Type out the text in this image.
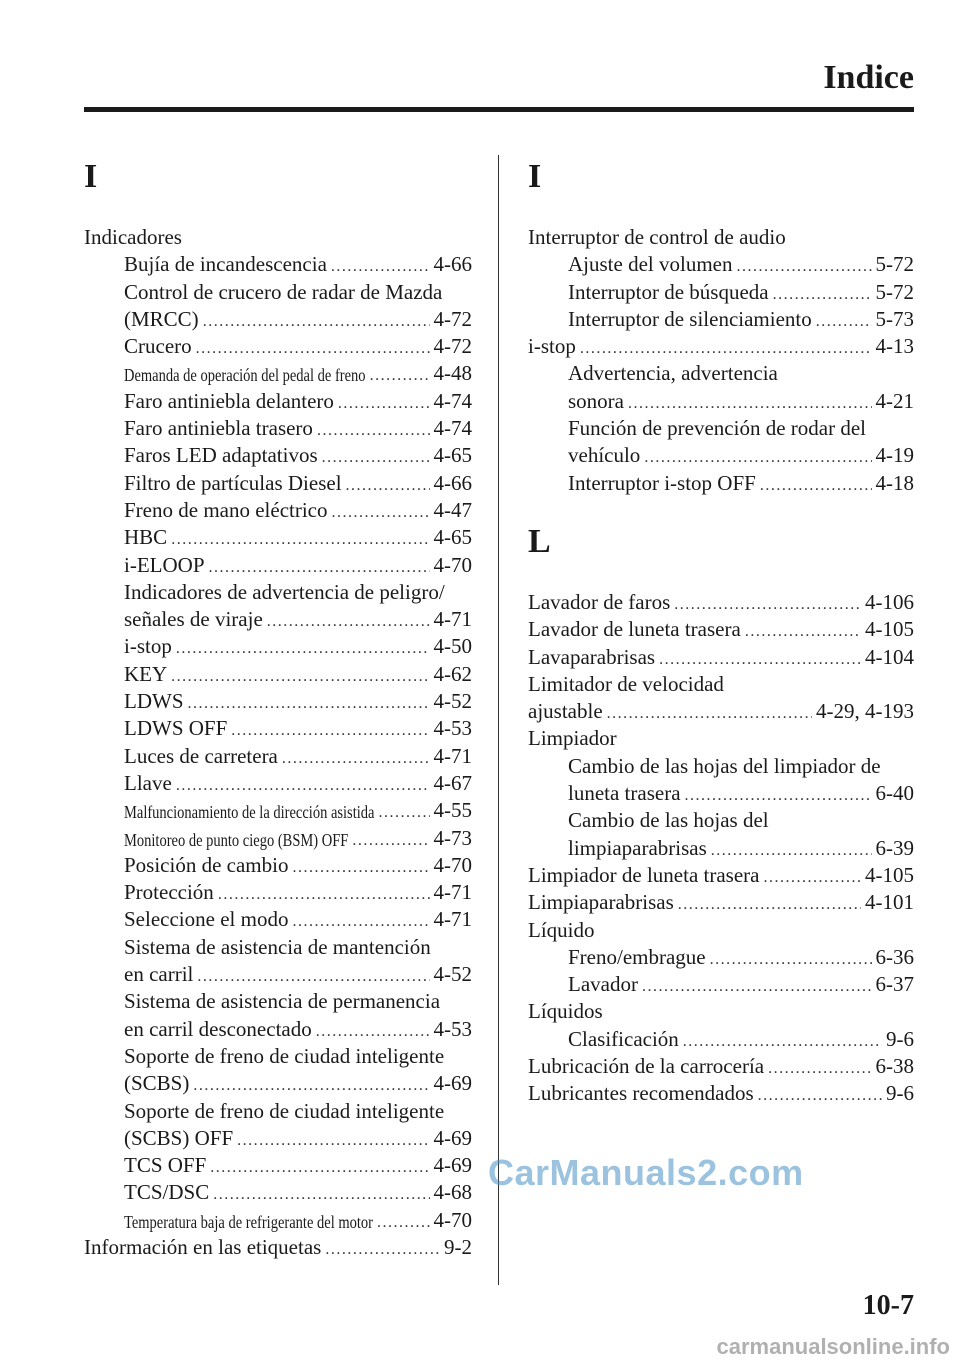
Indice
I
Indicadores
Bujía de incandescencia .....	4-66
Control de crucero de radar de Mazda
(MRCC) .....	4-72
Crucero .....	4-72
Demanda de operación del pedal de freno .....	4-48
Faro antiniebla delantero .....	4-74
Faro antiniebla trasero .....	4-74
Faros LED adaptativos .....	4-65
Filtro de partículas Diesel .....	4-66
Freno de mano eléctrico .....	4-47
HBC .....	4-65
i-ELOOP .....	4-70
Indicadores de advertencia de peligro/
señales de viraje .....	4-71
i-stop .....	4-50
KEY .....	4-62
LDWS .....	4-52
LDWS OFF .....	4-53
Luces de carretera .....	4-71
Llave .....	4-67
Malfuncionamiento de la dirección asistida .....	4-55
Monitoreo de punto ciego (BSM) OFF .....	4-73
Posición de cambio .....	4-70
Protección .....	4-71
Seleccione el modo .....	4-71
Sistema de asistencia de mantención
en carril .....	4-52
Sistema de asistencia de permanencia
en carril desconectado .....	4-53
Soporte de freno de ciudad inteligente
(SCBS) .....	4-69
Soporte de freno de ciudad inteligente
(SCBS) OFF .....	4-69
TCS OFF .....	4-69
TCS/DSC .....	4-68
Temperatura baja de refrigerante del motor .....	4-70
Información en las etiquetas .....	9-2
I
Interruptor de control de audio
Ajuste del volumen .....	5-72
Interruptor de búsqueda .....	5-72
Interruptor de silenciamiento .....	5-73
i-stop .....	4-13
Advertencia, advertencia
sonora .....	4-21
Función de prevención de rodar del
vehículo .....	4-19
Interruptor i-stop OFF .....	4-18
L
Lavador de faros .....	4-106
Lavador de luneta trasera .....	4-105
Lavaparabrisas .....	4-104
Limitador de velocidad
ajustable .....	4-29, 4-193
Limpiador
Cambio de las hojas del limpiador de
luneta trasera .....	6-40
Cambio de las hojas del
limpiaparabrisas .....	6-39
Limpiador de luneta trasera .....	4-105
Limpiaparabrisas .....	4-101
Líquido
Freno/embrague .....	6-36
Lavador .....	6-37
Líquidos
Clasificación .....	9-6
Lubricación de la carrocería .....	6-38
Lubricantes recomendados .....	9-6
CarManuals2.com
10-7
carmanualsonline.info
